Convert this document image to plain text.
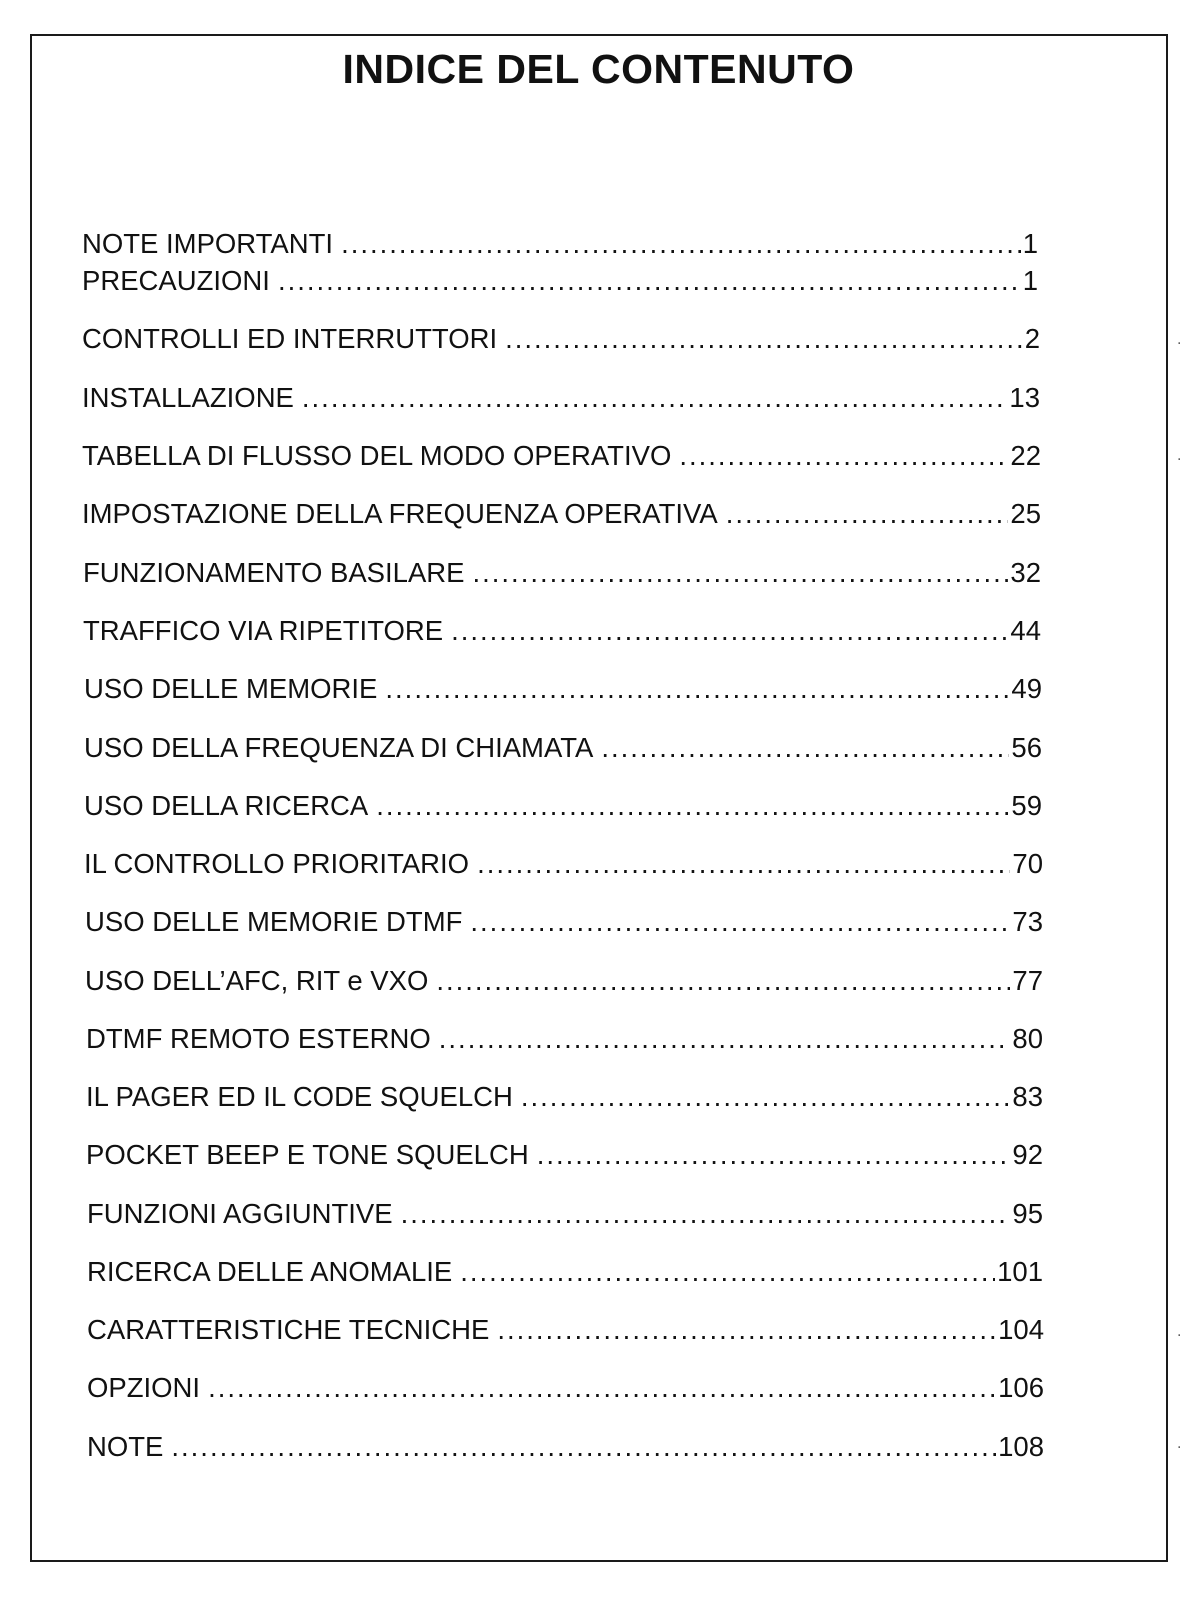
INDICE DEL CONTENUTO
NOTE IMPORTANTI .....	1
PRECAUZIONI .....	1
CONTROLLI ED INTERRUTTORI .....	2
INSTALLAZIONE .....	13
TABELLA DI FLUSSO DEL MODO OPERATIVO .....	22
IMPOSTAZIONE DELLA FREQUENZA OPERATIVA .....	25
FUNZIONAMENTO BASILARE .....	32
TRAFFICO VIA RIPETITORE .....	44
USO DELLE MEMORIE .....	49
USO DELLA FREQUENZA DI CHIAMATA .....	56
USO DELLA RICERCA .....	59
IL CONTROLLO PRIORITARIO .....	70
USO DELLE MEMORIE DTMF .....	73
USO DELL’AFC, RIT e VXO .....	77
DTMF REMOTO ESTERNO .....	80
IL PAGER ED IL CODE SQUELCH .....	83
POCKET BEEP E TONE SQUELCH .....	92
FUNZIONI AGGIUNTIVE .....	95
RICERCA DELLE ANOMALIE .....	101
CARATTERISTICHE TECNICHE .....	104
OPZIONI .....	106
NOTE .....	108
⋅
⋅
⋅
⋅
